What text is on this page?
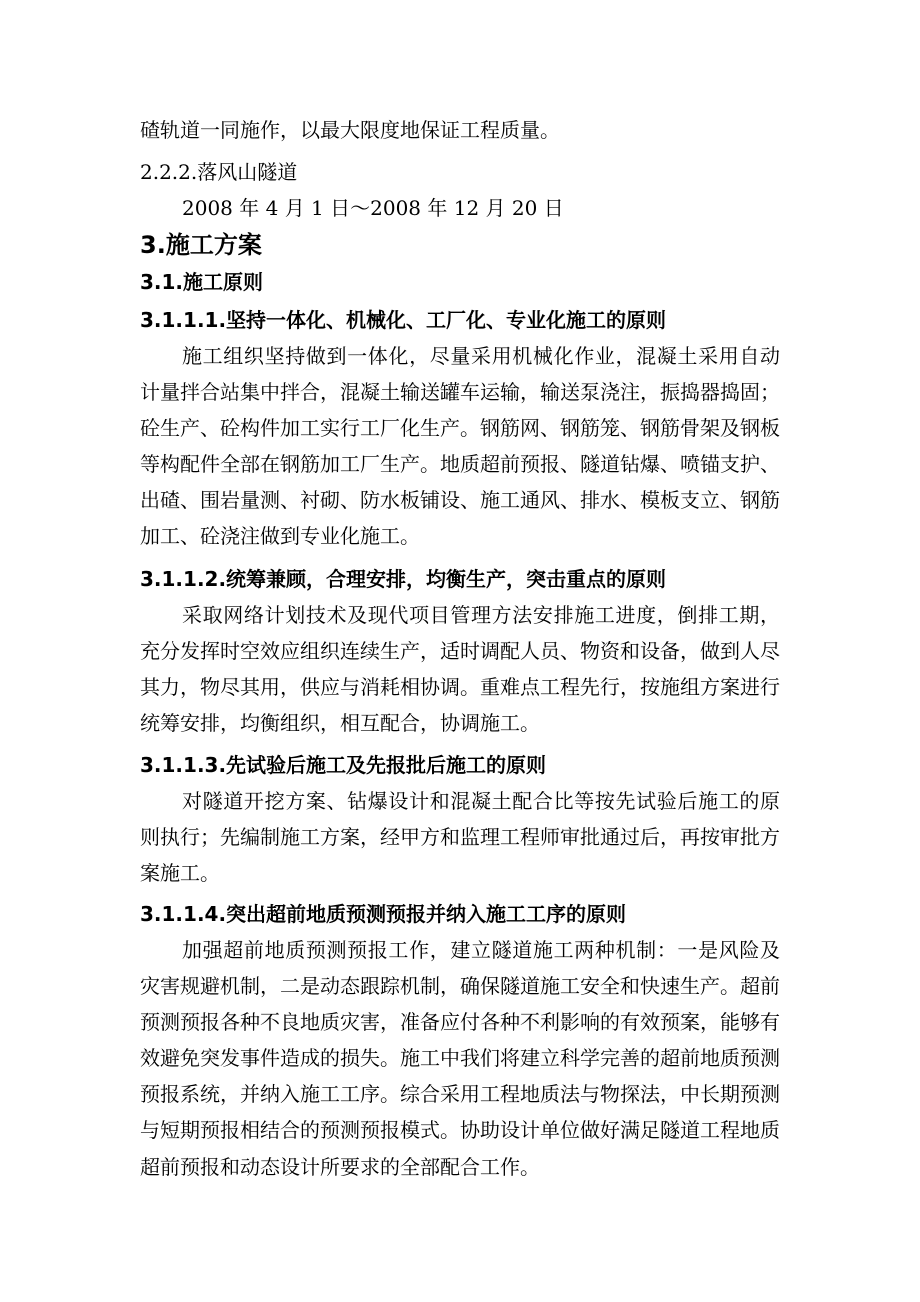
碴轨道一同施作，以最大限度地保证工程质量。
2.2.2.落风山隧道
2008 年 4 月 1 日～2008 年 12 月 20 日
3.施工方案
3.1.施工原则
3.1.1.1.坚持一体化、机械化、工厂化、专业化施工的原则

施工组织坚持做到一体化，尽量采用机械化作业，混凝土采用自动计量拌合站集中拌合，混凝土输送罐车运输，输送泵浇注，振捣器捣固；砼生产、砼构件加工实行工厂化生产。钢筋网、钢筋笼、钢筋骨架及钢板等构配件全部在钢筋加工厂生产。地质超前预报、隧道钻爆、喷锚支护、出碴、围岩量测、衬砌、防水板铺设、施工通风、排水、模板支立、钢筋加工、砼浇注做到专业化施工。

3.1.1.2.统筹兼顾，合理安排，均衡生产，突击重点的原则

采取网络计划技术及现代项目管理方法安排施工进度，倒排工期，充分发挥时空效应组织连续生产，适时调配人员、物资和设备，做到人尽其力，物尽其用，供应与消耗相协调。重难点工程先行，按施组方案进行统筹安排，均衡组织，相互配合，协调施工。

3.1.1.3.先试验后施工及先报批后施工的原则

对隧道开挖方案、钻爆设计和混凝土配合比等按先试验后施工的原则执行；先编制施工方案，经甲方和监理工程师审批通过后，再按审批方案施工。

3.1.1.4.突出超前地质预测预报并纳入施工工序的原则

加强超前地质预测预报工作，建立隧道施工两种机制：一是风险及灾害规避机制，二是动态跟踪机制，确保隧道施工安全和快速生产。超前预测预报各种不良地质灾害，准备应付各种不利影响的有效预案，能够有效避免突发事件造成的损失。施工中我们将建立科学完善的超前地质预测预报系统，并纳入施工工序。综合采用工程地质法与物探法，中长期预测与短期预报相结合的预测预报模式。协助设计单位做好满足隧道工程地质超前预报和动态设计所要求的全部配合工作。
